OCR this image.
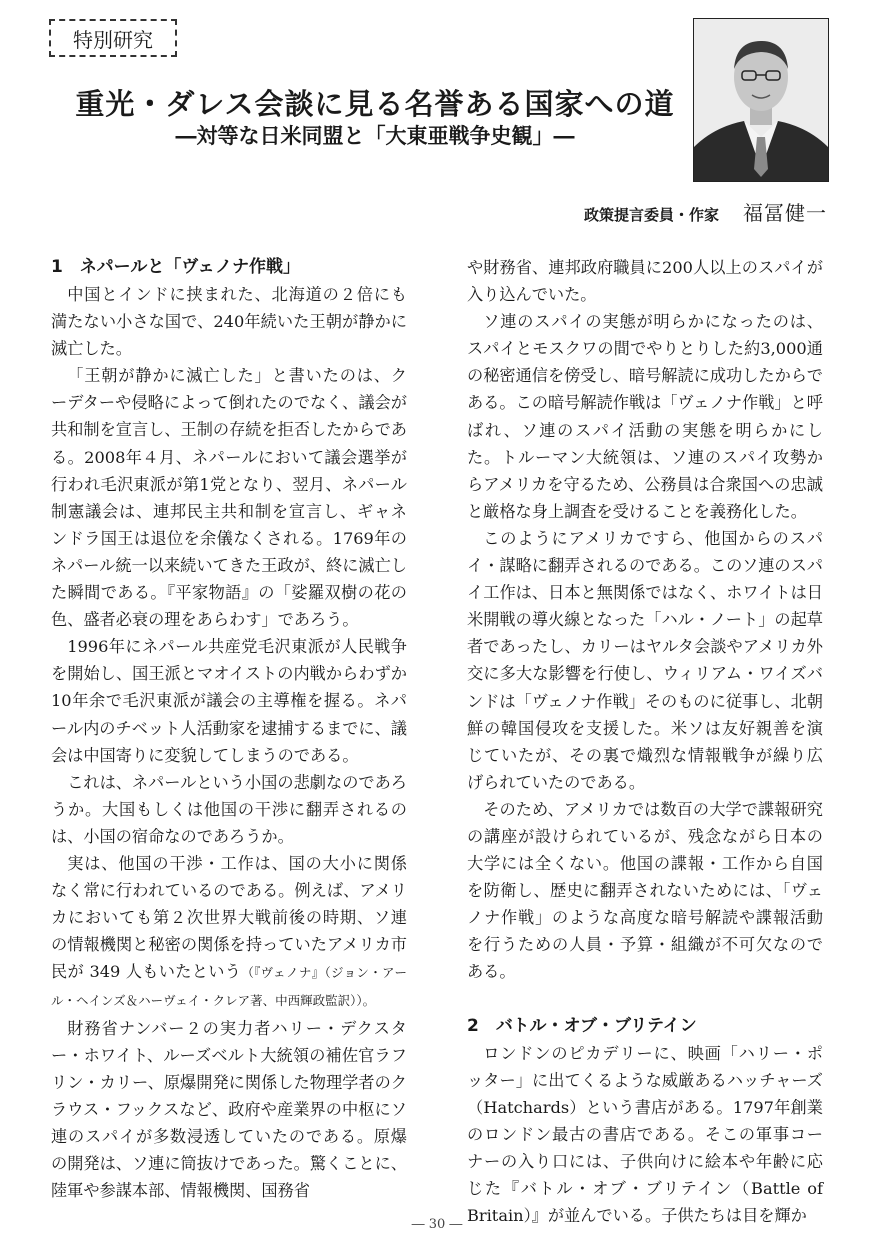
特別研究
重光・ダレス会談に見る名誉ある国家への道
―対等な日米同盟と「大東亜戦争史観」―
政策提言委員・作家 福冨健一
1　ネパールと「ヴェノナ作戦」

中国とインドに挟まれた、北海道の２倍にも満たない小さな国で、240年続いた王朝が静かに滅亡した。

「王朝が静かに滅亡した」と書いたのは、クーデターや侵略によって倒れたのでなく、議会が共和制を宣言し、王制の存続を拒否したからである。2008年４月、ネパールにおいて議会選挙が行われ毛沢東派が第1党となり、翌月、ネパール制憲議会は、連邦民主共和制を宣言し、ギャネンドラ国王は退位を余儀なくされる。1769年のネパール統一以来続いてきた王政が、終に滅亡した瞬間である。『平家物語』の「娑羅双樹の花の色、盛者必衰の理をあらわす」であろう。

1996年にネパール共産党毛沢東派が人民戦争を開始し、国王派とマオイストの内戦からわずか10年余で毛沢東派が議会の主導権を握る。ネパール内のチベット人活動家を逮捕するまでに、議会は中国寄りに変貌してしまうのである。

これは、ネパールという小国の悲劇なのであろうか。大国もしくは他国の干渉に翻弄されるのは、小国の宿命なのであろうか。

実は、他国の干渉・工作は、国の大小に関係なく常に行われているのである。例えば、アメリカにおいても第２次世界大戦前後の時期、ソ連の情報機関と秘密の関係を持っていたアメリカ市民が 349 人もいたという（『ヴェノナ』（ジョン・アール・ヘインズ＆ハーヴェイ・クレア著、中西輝政監訳））。

財務省ナンバー２の実力者ハリー・デクスター・ホワイト、ルーズベルト大統領の補佐官ラフリン・カリー、原爆開発に関係した物理学者のクラウス・フックスなど、政府や産業界の中枢にソ連のスパイが多数浸透していたのである。原爆の開発は、ソ連に筒抜けであった。驚くことに、陸軍や参謀本部、情報機関、国務省

や財務省、連邦政府職員に200人以上のスパイが入り込んでいた。

ソ連のスパイの実態が明らかになったのは、スパイとモスクワの間でやりとりした約3,000通の秘密通信を傍受し、暗号解読に成功したからである。この暗号解読作戦は「ヴェノナ作戦」と呼ばれ、ソ連のスパイ活動の実態を明らかにした。トルーマン大統領は、ソ連のスパイ攻勢からアメリカを守るため、公務員は合衆国への忠誠と厳格な身上調査を受けることを義務化した。

このようにアメリカですら、他国からのスパイ・謀略に翻弄されるのである。このソ連のスパイ工作は、日本と無関係ではなく、ホワイトは日米開戦の導火線となった「ハル・ノート」の起草者であったし、カリーはヤルタ会談やアメリカ外交に多大な影響を行使し、ウィリアム・ワイズバンドは「ヴェノナ作戦」そのものに従事し、北朝鮮の韓国侵攻を支援した。米ソは友好親善を演じていたが、その裏で熾烈な情報戦争が繰り広げられていたのである。

そのため、アメリカでは数百の大学で諜報研究の講座が設けられているが、残念ながら日本の大学には全くない。他国の諜報・工作から自国を防衛し、歴史に翻弄されないためには、「ヴェノナ作戦」のような高度な暗号解読や諜報活動を行うための人員・予算・組織が不可欠なのである。

2　バトル・オブ・ブリテイン

ロンドンのピカデリーに、映画「ハリー・ポッター」に出てくるような威厳あるハッチャーズ（Hatchards）という書店がある。1797年創業のロンドン最古の書店である。そこの軍事コーナーの入り口には、子供向けに絵本や年齢に応じた『バトル・オブ・ブリテイン（Battle of Britain）』が並んでいる。子供たちは目を輝か

― 30 ―
